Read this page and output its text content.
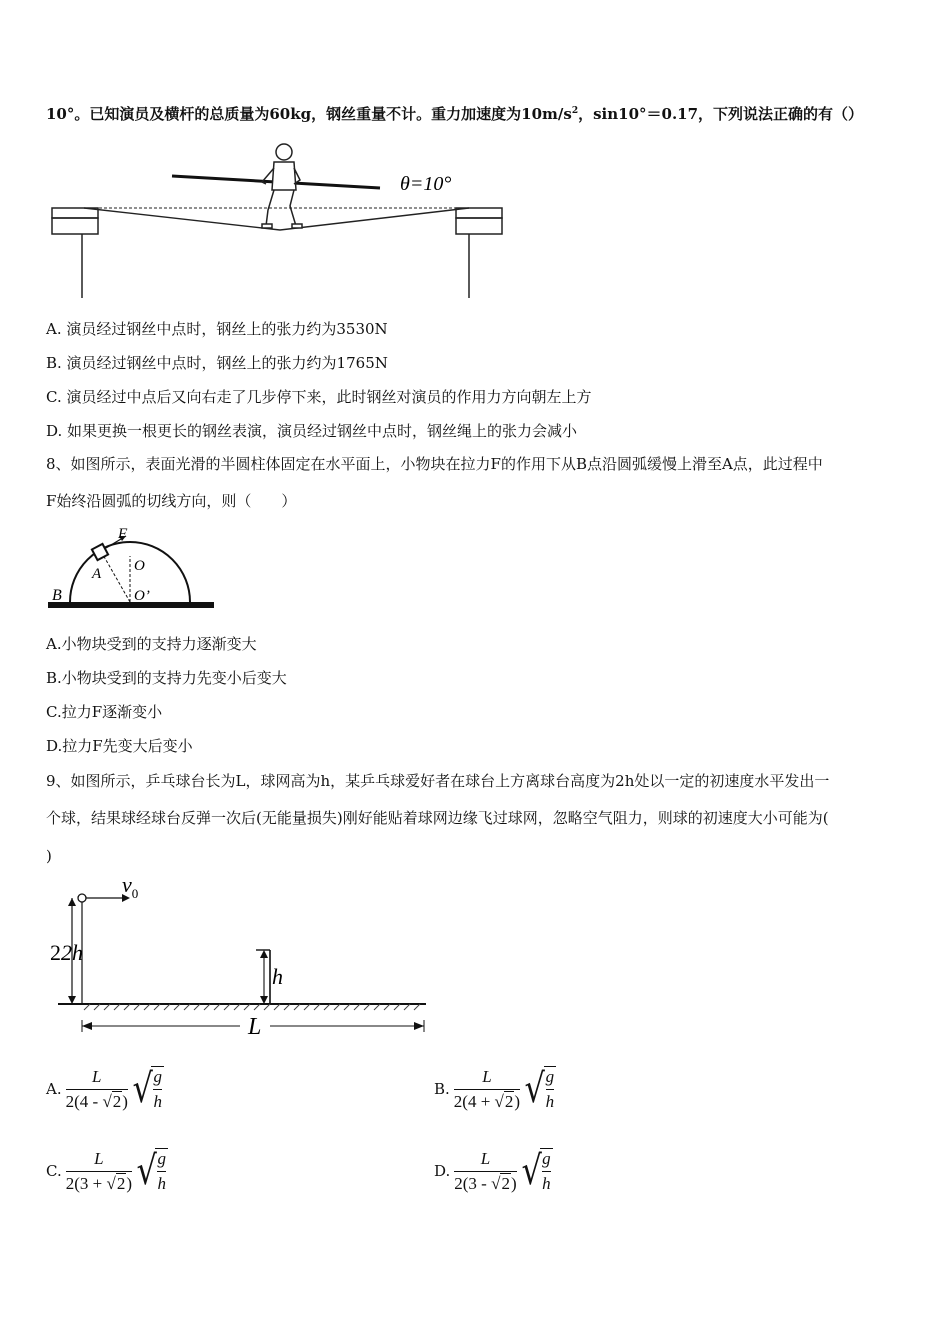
10°。已知演员及横杆的总质量为60kg，钢丝重量不计。重力加速度为$10m/s^2$，sin10°＝0.17，下列说法正确的有（）
θ=10°
A. 演员经过钢丝中点时，钢丝上的张力约为3530N
B. 演员经过钢丝中点时，钢丝上的张力约为1765N
C. 演员经过中点后又向右走了几步停下来，此时钢丝对演员的作用力方向朝左上方
D. 如果更换一根更长的钢丝表演，演员经过钢丝中点时，钢丝绳上的张力会减小
8、如图所示，表面光滑的半圆柱体固定在水平面上，小物块在拉力F的作用下从B点沿圆弧缓慢上滑至A点，此过程中
F始终沿圆弧的切线方向，则（　　）
F
A O
O’
B
A.小物块受到的支持力逐渐变大
B.小物块受到的支持力先变小后变大
C.拉力F逐渐变小
D.拉力F先变大后变小
9、如图所示，乒乓球台长为L，球网高为h，某乒乓球爱好者在球台上方离球台高度为2h处以一定的初速度水平发出一
个球，结果球经球台反弹一次后(无能量损失)刚好能贴着球网边缘飞过球网，忽略空气阻力，则球的初速度大小可能为(
)
$v_0$
22h
h
L
A. $\frac{L}{2(4 - √2)}$ √ g
h
B. $\frac{L}{2(4 + √2)}$ √ g
h
C. $\frac{L}{2(3 + √2)}$ √ g
h
D. $\frac{L}{2(3 - √2)}$ √ g
h
